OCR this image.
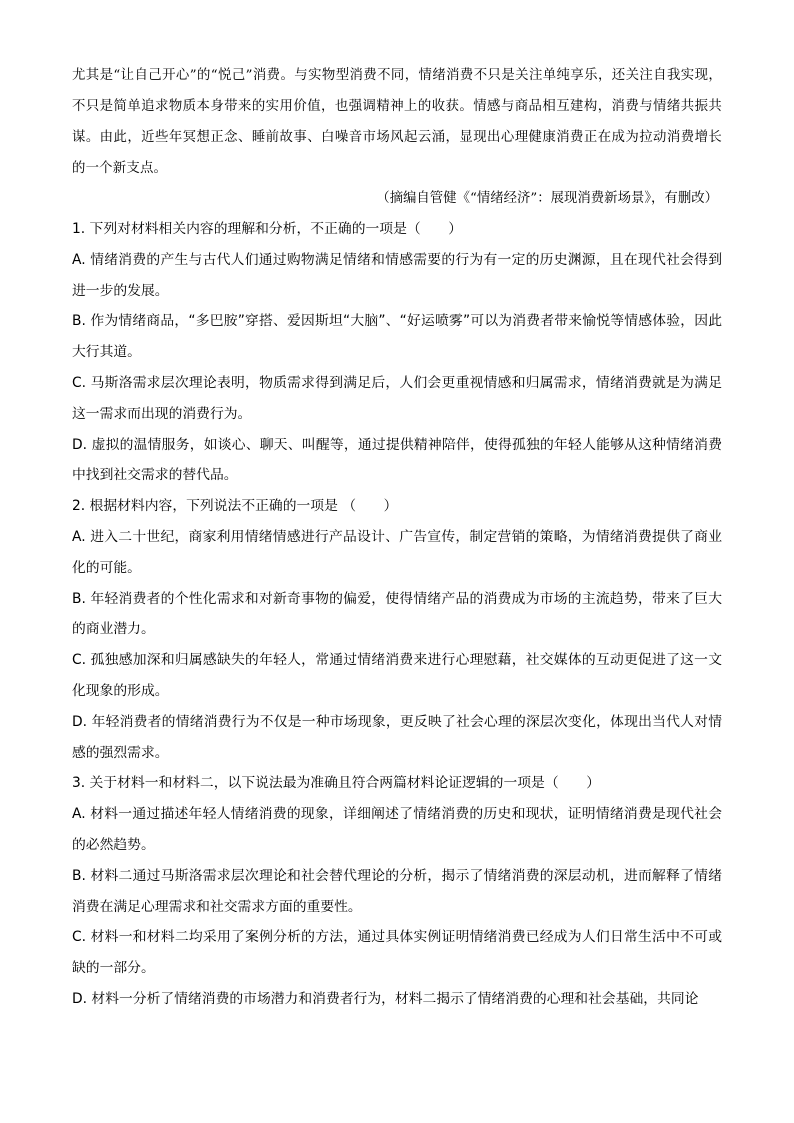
尤其是“让自己开心”的“悦己”消费。与实物型消费不同，情绪消费不只是关注单纯享乐，还关注自我实现，不只是简单追求物质本身带来的实用价值，也强调精神上的收获。情感与商品相互建构，消费与情绪共振共谋。由此，近些年冥想正念、睡前故事、白噪音市场风起云涌，显现出心理健康消费正在成为拉动消费增长的一个新支点。

（摘编自管健《“情绪经济”：展现消费新场景》，有删改）

1. 下列对材料相关内容的理解和分析，不正确的一项是（　　）

A. 情绪消费的产生与古代人们通过购物满足情绪和情感需要的行为有一定的历史渊源，且在现代社会得到进一步的发展。

B. 作为情绪商品，“多巴胺”穿搭、爱因斯坦“大脑”、“好运喷雾”可以为消费者带来愉悦等情感体验，因此大行其道。

C. 马斯洛需求层次理论表明，物质需求得到满足后，人们会更重视情感和归属需求，情绪消费就是为满足这一需求而出现的消费行为。

D. 虚拟的温情服务，如谈心、聊天、叫醒等，通过提供精神陪伴，使得孤独的年轻人能够从这种情绪消费中找到社交需求的替代品。

2. 根据材料内容，下列说法不正确的一项是 （　　）

A. 进入二十世纪，商家利用情绪情感进行产品设计、广告宣传，制定营销的策略，为情绪消费提供了商业化的可能。

B. 年轻消费者的个性化需求和对新奇事物的偏爱，使得情绪产品的消费成为市场的主流趋势，带来了巨大的商业潜力。

C. 孤独感加深和归属感缺失的年轻人，常通过情绪消费来进行心理慰藉，社交媒体的互动更促进了这一文化现象的形成。

D. 年轻消费者的情绪消费行为不仅是一种市场现象，更反映了社会心理的深层次变化，体现出当代人对情感的强烈需求。

3. 关于材料一和材料二，以下说法最为准确且符合两篇材料论证逻辑的一项是（　　）

A. 材料一通过描述年轻人情绪消费的现象，详细阐述了情绪消费的历史和现状，证明情绪消费是现代社会的必然趋势。

B. 材料二通过马斯洛需求层次理论和社会替代理论的分析，揭示了情绪消费的深层动机，进而解释了情绪消费在满足心理需求和社交需求方面的重要性。

C. 材料一和材料二均采用了案例分析的方法，通过具体实例证明情绪消费已经成为人们日常生活中不可或缺的一部分。

D. 材料一分析了情绪消费的市场潜力和消费者行为，材料二揭示了情绪消费的心理和社会基础，共同论
